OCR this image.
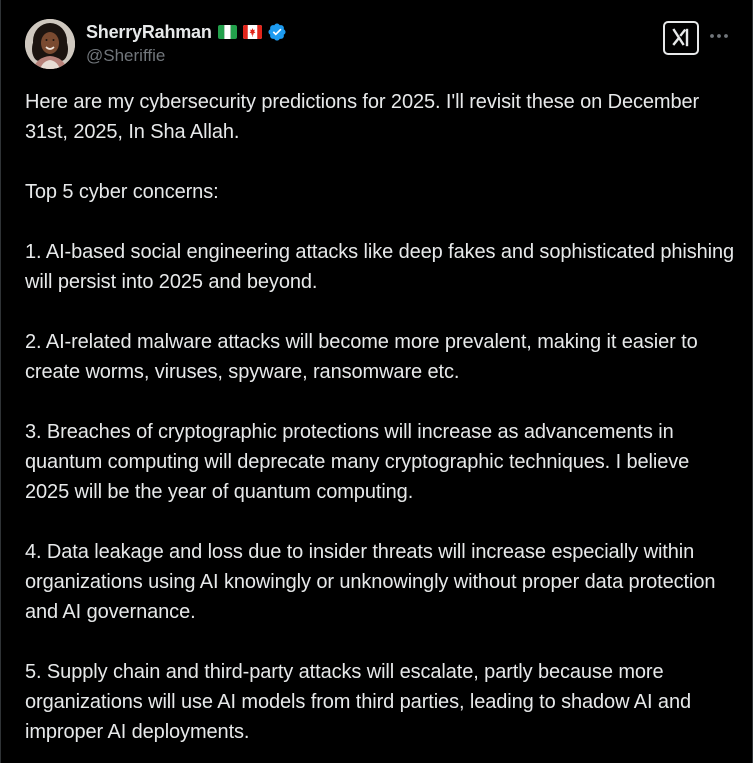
SherryRahman
@Sheriffie

Here are my cybersecurity predictions for 2025. I'll revisit these on December 31st, 2025, In Sha Allah.

Top 5 cyber concerns:

1. AI-based social engineering attacks like deep fakes and sophisticated phishing will persist into 2025 and beyond.

2. AI-related malware attacks will become more prevalent, making it easier to create worms, viruses, spyware, ransomware etc.

3. Breaches of cryptographic protections will increase as advancements in quantum computing will deprecate many cryptographic techniques. I believe 2025 will be the year of quantum computing.

4. Data leakage and loss due to insider threats will increase especially within organizations using AI knowingly or unknowingly without proper data protection and AI governance.

5. Supply chain and third-party attacks will escalate, partly because more organizations will use AI models from third parties, leading to shadow AI and improper AI deployments.
